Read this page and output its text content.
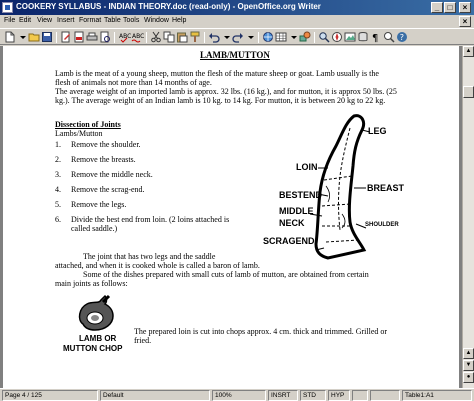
COOKERY SYLLABUS - INDIAN THEORY.doc (read-only) - OpenOffice.org Writer	_	□	×
File Edit View Insert Format Table Tools Window Help	×
ABC ABC	¶	?
LAMB/MUTTON
Lamb is the meat of a young sheep, mutton the flesh of the mature sheep or goat. Lamb usually is the
flesh of animals not more than 14 months of age.
The average weight of an imported lamb is approx. 32 lbs. (16 kg.), and for mutton, it is approx 50 lbs. (25
kg.). The average weight of an Indian lamb is 10 kg. to 14 kg. For mutton, it is between 20 kg to 22 kg.
Dissection of Joints
Lambs/Mutton
1. Remove the shoulder.
2. Remove the breasts.
3. Remove the middle neck.
4. Remove the scrag-end.
5. Remove the legs.
6. Divide the best end from loin. (2 loins attached is
called saddle.)
LEG
LOIN
BREAST
BESTEND
MIDDLE
NECK	SHOULDER
SCRAGEND
The joint that has two legs and the saddle
attached, and when it is cooked whole is called a baron of lamb.
Some of the dishes prepared with small cuts of lamb of mutton, are obtained from certain
main joints as follows:
LAMB OR
MUTTON CHOP
The prepared loin is cut into chops approx. 4 cm. thick and trimmed. Grilled or
fried.
▲
▲
▼
●
Page 4 / 125	Default	100%	INSRT	STD	HYP	Table1:A1
